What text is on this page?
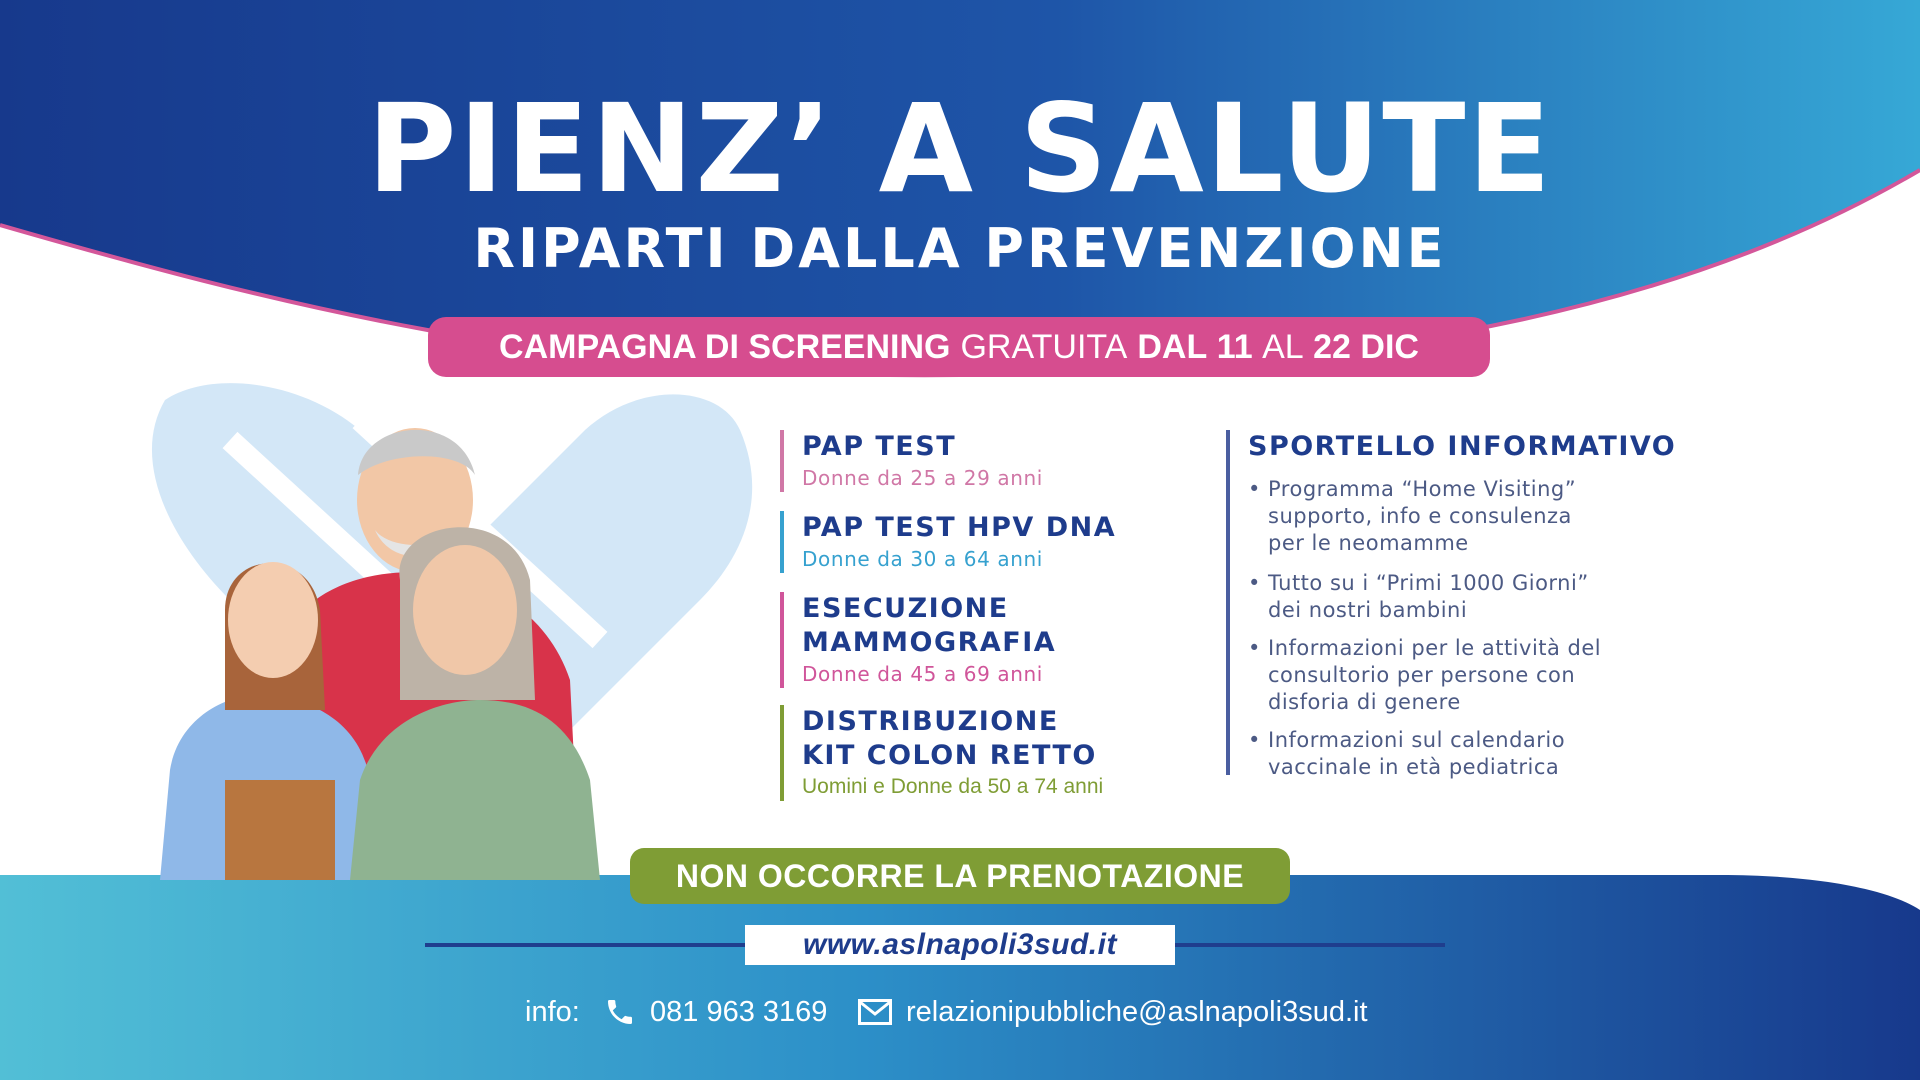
PIENZ’ A SALUTE
RIPARTI DALLA PREVENZIONE
CAMPAGNA DI SCREENING GRATUITA DAL
11
AL
22 DIC
PAP TEST
Donne da 25 a 29 anni
PAP TEST HPV DNA
Donne da 30 a 64 anni
ESECUZIONE
MAMMOGRAFIA
Donne da 45 a 69 anni
DISTRIBUZIONE
KIT COLON RETTO
Uomini e Donne da 50 a 74 anni
SPORTELLO INFORMATIVO
• Programma “Home Visiting”
supporto, info e consulenza
per le neomamme
• Tutto su i “Primi 1000 Giorni”
dei nostri bambini
• Informazioni per le attività del
consultorio per persone con
disforia di genere
• Informazioni sul calendario
vaccinale in età pediatrica
NON OCCORRE LA PRENOTAZIONE
www.aslnapoli3sud.it
info: 081 963 3169	relazionipubbliche@aslnapoli3sud.it
